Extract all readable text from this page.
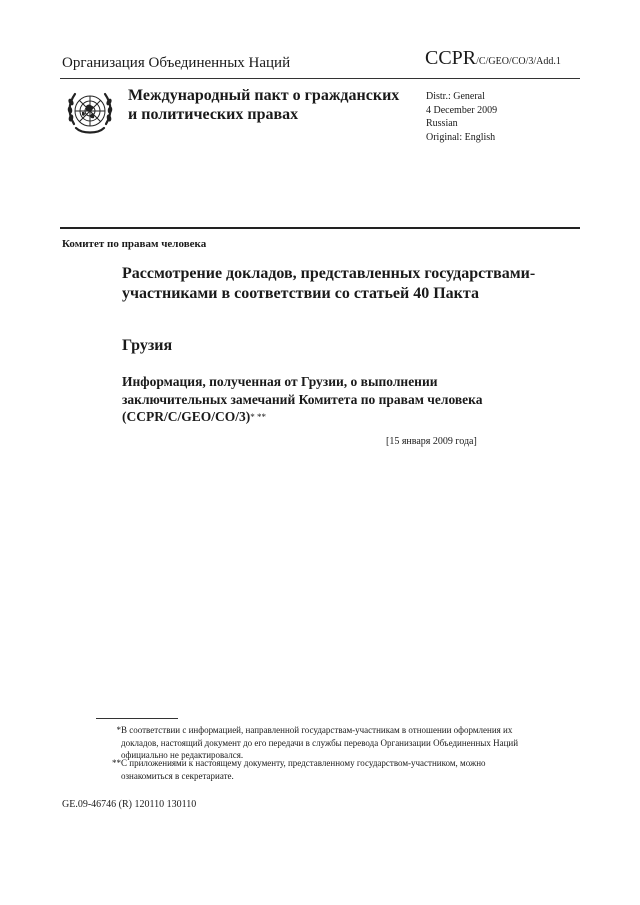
Организация Объединенных Наций	CCPR/C/GEO/CO/3/Add.1
Международный пакт о гражданских и политических правах
Distr.: General
4 December 2009
Russian
Original: English
Комитет по правам человека
Рассмотрение докладов, представленных государствами-участниками в соответствии со статьей 40 Пакта
Грузия
Информация, полученная от Грузии, о выполнении заключительных замечаний Комитета по правам человека (CCPR/C/GEO/CO/3)* **
[15 января 2009 года]
* В соответствии с информацией, направленной государствам-участникам в отношении оформления их докладов, настоящий документ до его передачи в службы перевода Организации Объединенных Наций официально не редактировался.
** С приложениями к настоящему документу, представленному государством-участником, можно ознакомиться в секретариате.
GE.09-46746 (R) 120110 130110
